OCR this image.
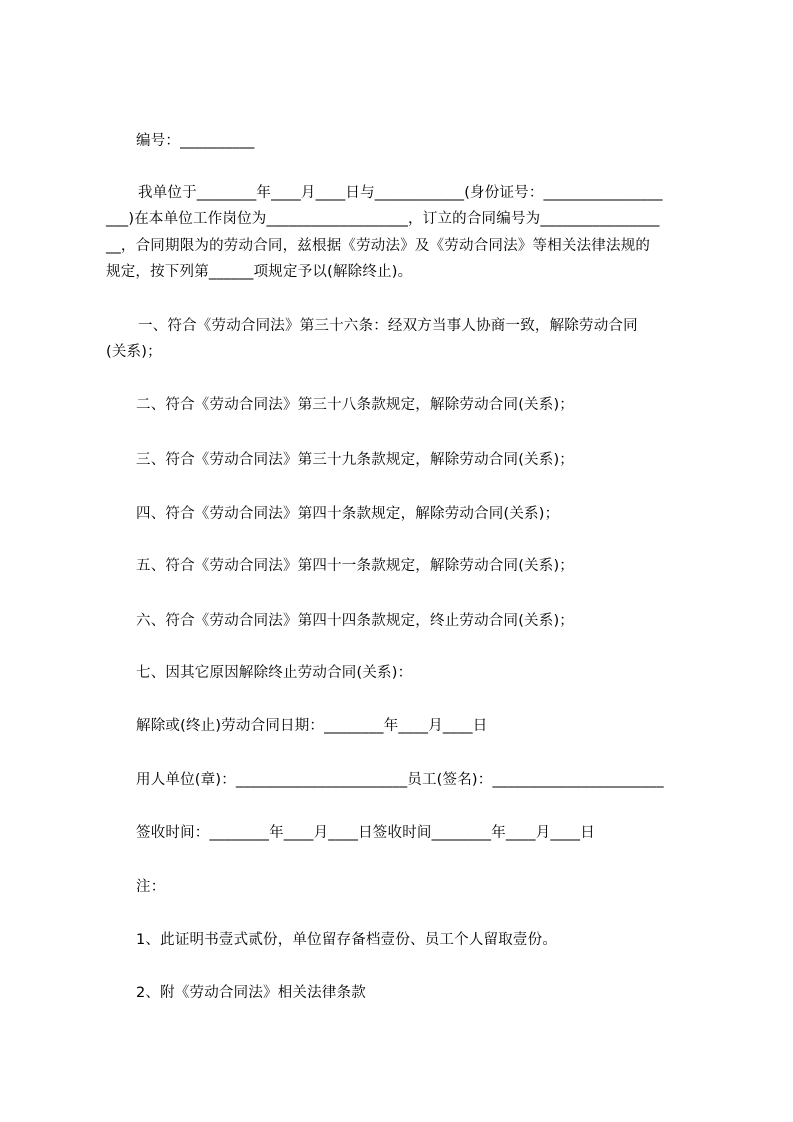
编号：__________
我单位于________年____月____日与____________(身份证号：________________
___)在本单位工作岗位为___________________，订立的合同编号为________________
__，合同期限为的劳动合同，兹根据《劳动法》及《劳动合同法》等相关法律法规的
规定，按下列第______项规定予以(解除终止)。
一、符合《劳动合同法》第三十六条：经双方当事人协商一致，解除劳动合同
(关系)；
二、符合《劳动合同法》第三十八条款规定，解除劳动合同(关系)；
三、符合《劳动合同法》第三十九条款规定，解除劳动合同(关系)；
四、符合《劳动合同法》第四十条款规定，解除劳动合同(关系)；
五、符合《劳动合同法》第四十一条款规定，解除劳动合同(关系)；
六、符合《劳动合同法》第四十四条款规定，终止劳动合同(关系)；
七、因其它原因解除终止劳动合同(关系)：
解除或(终止)劳动合同日期：________年____月____日
用人单位(章)：_______________________员工(签名)：_______________________
签收时间：________年____月____日签收时间________年____月____日
注：
1、此证明书壹式贰份，单位留存备档壹份、员工个人留取壹份。
2、附《劳动合同法》相关法律条款
